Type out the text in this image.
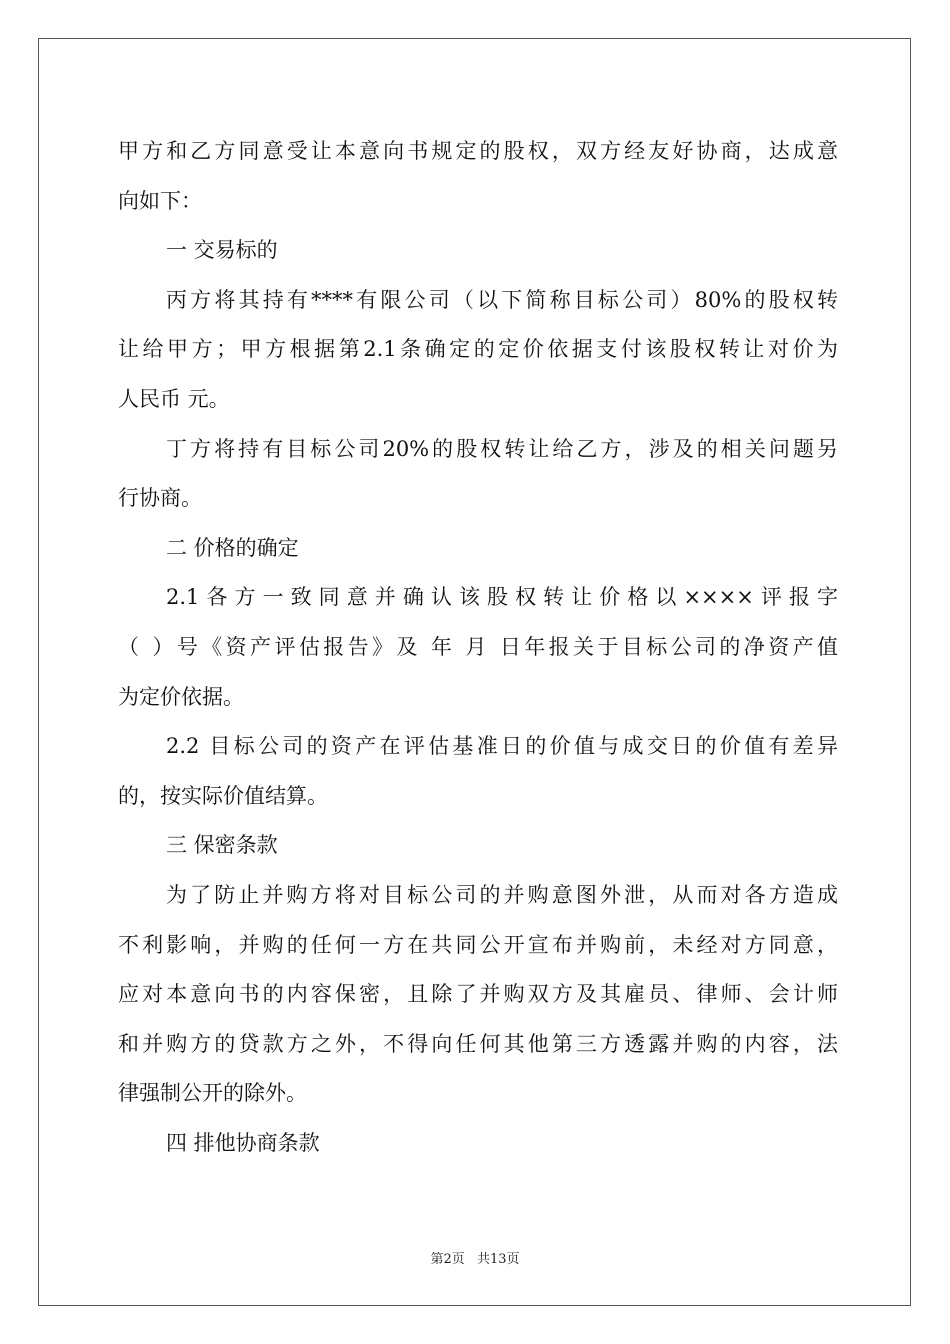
甲方和乙方同意受让本意向书规定的股权，双方经友好协商，达成意
向如下：
一 交易标的
丙方将其持有****有限公司（以下简称目标公司）80%的股权转
让给甲方；甲方根据第2.1条确定的定价依据支付该股权转让对价为
人民币 元。
丁方将持有目标公司20%的股权转让给乙方，涉及的相关问题另
行协商。
二 价格的确定
2.1各方一致同意并确认该股权转让价格以××××评报字
（ ）号《资产评估报告》及 年 月 日年报关于目标公司的净资产值
为定价依据。
2.2 目标公司的资产在评估基准日的价值与成交日的价值有差异
的，按实际价值结算。
三 保密条款
为了防止并购方将对目标公司的并购意图外泄，从而对各方造成
不利影响，并购的任何一方在共同公开宣布并购前，未经对方同意，
应对本意向书的内容保密，且除了并购双方及其雇员、律师、会计师
和并购方的贷款方之外，不得向任何其他第三方透露并购的内容，法
律强制公开的除外。
四 排他协商条款
第2页 共13页
